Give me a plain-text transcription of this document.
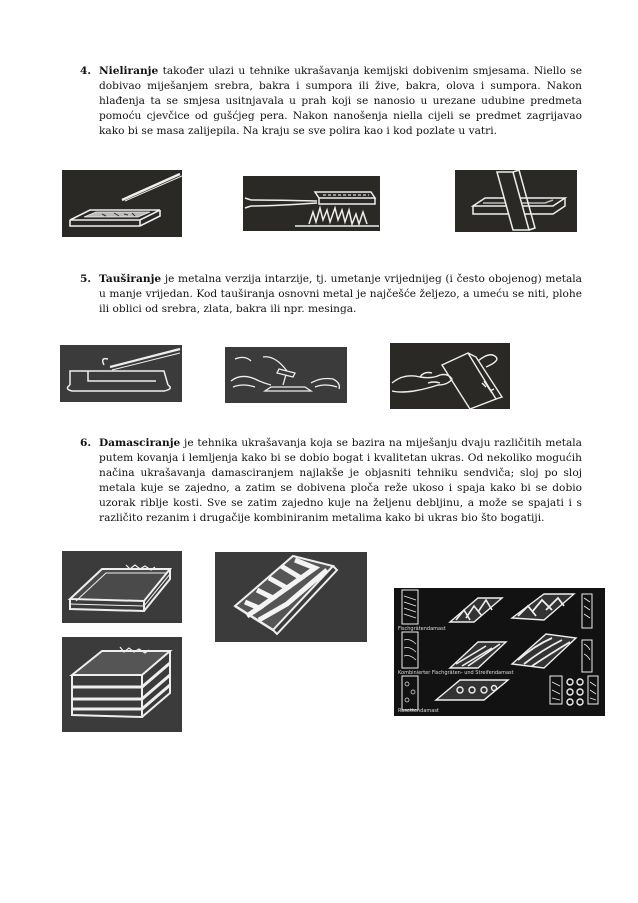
4. Nieliranje također ulazi u tehnike ukrašavanja kemijski dobivenim smjesama. Niello se dobivao miješanjem srebra, bakra i sumpora ili žive, bakra, olova i sumpora. Nakon hlađenja ta se smjesa usitnjavala u prah koji se nanosio u urezane udubine predmeta pomoću cjevčice od gušćjeg pera. Nakon nanošenja niella cijeli se predmet zagrijavao kako bi se masa zalijepila. Na kraju se sve polira kao i kod pozlate u vatri.
5. Tauširanje je metalna verzija intarzije, tj. umetanje vrijednijeg (i često obojenog) metala u manje vrijedan. Kod tauširanja osnovni metal je najčešće željezo, a umeću se niti, plohe ili oblici od srebra, zlata, bakra ili npr. mesinga.
6. Damasciranje je tehnika ukrašavanja koja se bazira na miješanju dvaju različitih metala putem kovanja i lemljenja kako bi se dobio bogat i kvalitetan ukras. Od nekoliko mogućih načina ukrašavanja damasciranjem najlakše je objasniti tehniku sendviča; sloj po sloj metala kuje se zajedno, a zatim se dobivena ploča reže ukoso i spaja kako bi se dobio uzorak riblje kosti. Sve se zatim zajedno kuje na željenu debljinu, a može se spajati i s različito rezanim i drugačije kombiniranim metalima kako bi ukras bio što bogatiji.
Fischgrätendamast
Kombinierter Fischgräten- und Streifendamast
Rosettendamast
